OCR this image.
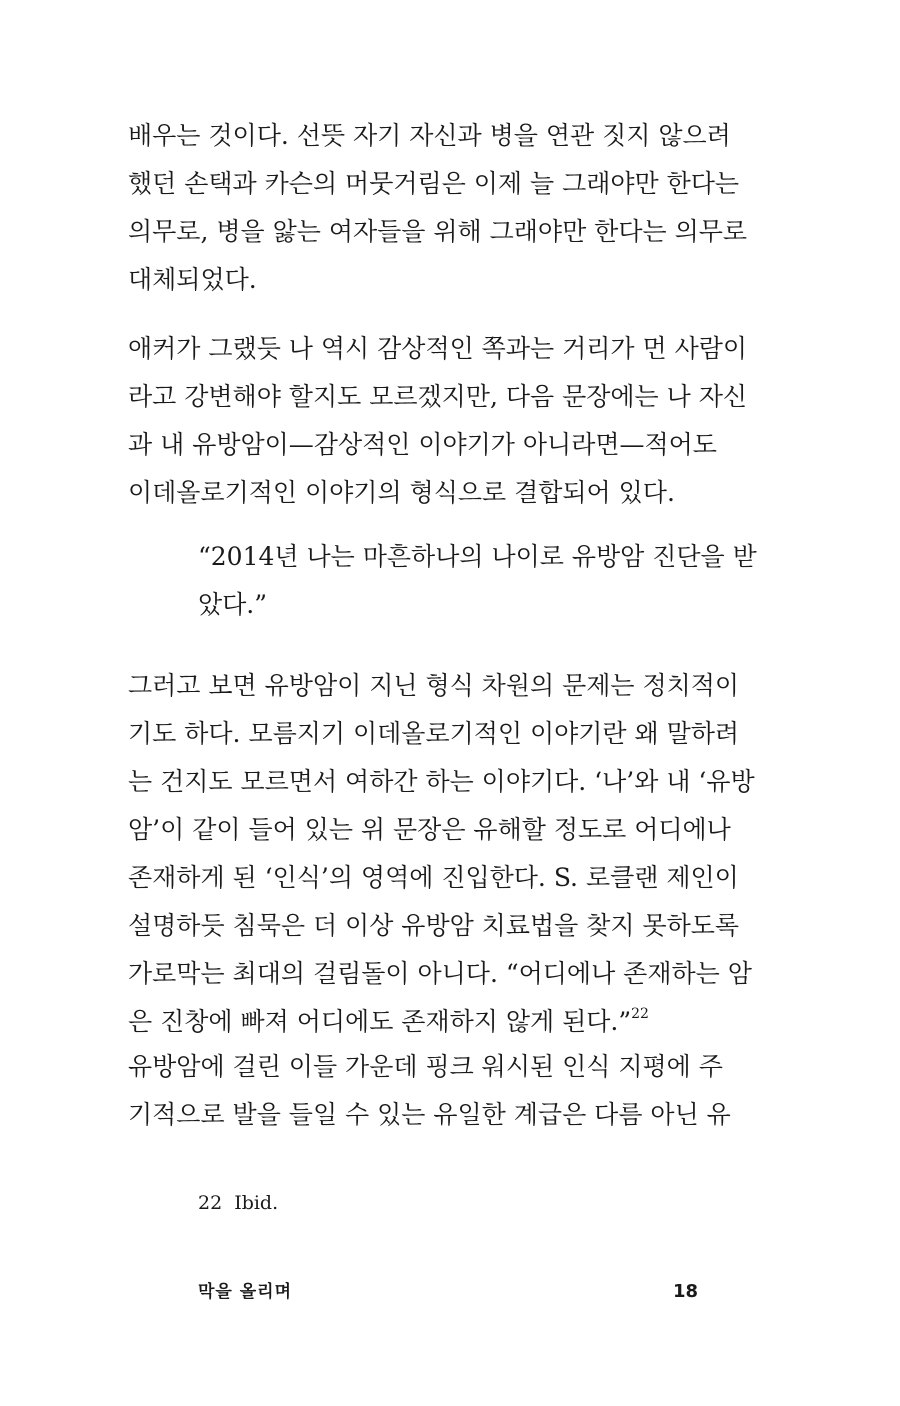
배우는 것이다. 선뜻 자기 자신과 병을 연관 짓지 않으려
했던 손택과 카슨의 머뭇거림은 이제 늘 그래야만 한다는
의무로, 병을 앓는 여자들을 위해 그래야만 한다는 의무로
대체되었다.
애커가 그랬듯 나 역시 감상적인 쪽과는 거리가 먼 사람이
라고 강변해야 할지도 모르겠지만, 다음 문장에는 나 자신
과 내 유방암이—감상적인 이야기가 아니라면—적어도
이데올로기적인 이야기의 형식으로 결합되어 있다.
“2014년 나는 마흔하나의 나이로 유방암 진단을 받
았다.”
그러고 보면 유방암이 지닌 형식 차원의 문제는 정치적이
기도 하다. 모름지기 이데올로기적인 이야기란 왜 말하려
는 건지도 모르면서 여하간 하는 이야기다. ‘나’와 내 ‘유방
암’이 같이 들어 있는 위 문장은 유해할 정도로 어디에나
존재하게 된 ‘인식’의 영역에 진입한다. S. 로클랜 제인이
설명하듯 침묵은 더 이상 유방암 치료법을 찾지 못하도록
가로막는 최대의 걸림돌이 아니다. “어디에나 존재하는 암
은 진창에 빠져 어디에도 존재하지 않게 된다.”$^{22}$
유방암에 걸린 이들 가운데 핑크 워시된 인식 지평에 주
기적으로 발을 들일 수 있는 유일한 계급은 다름 아닌 유
22 Ibid.
막을 올리며	18
